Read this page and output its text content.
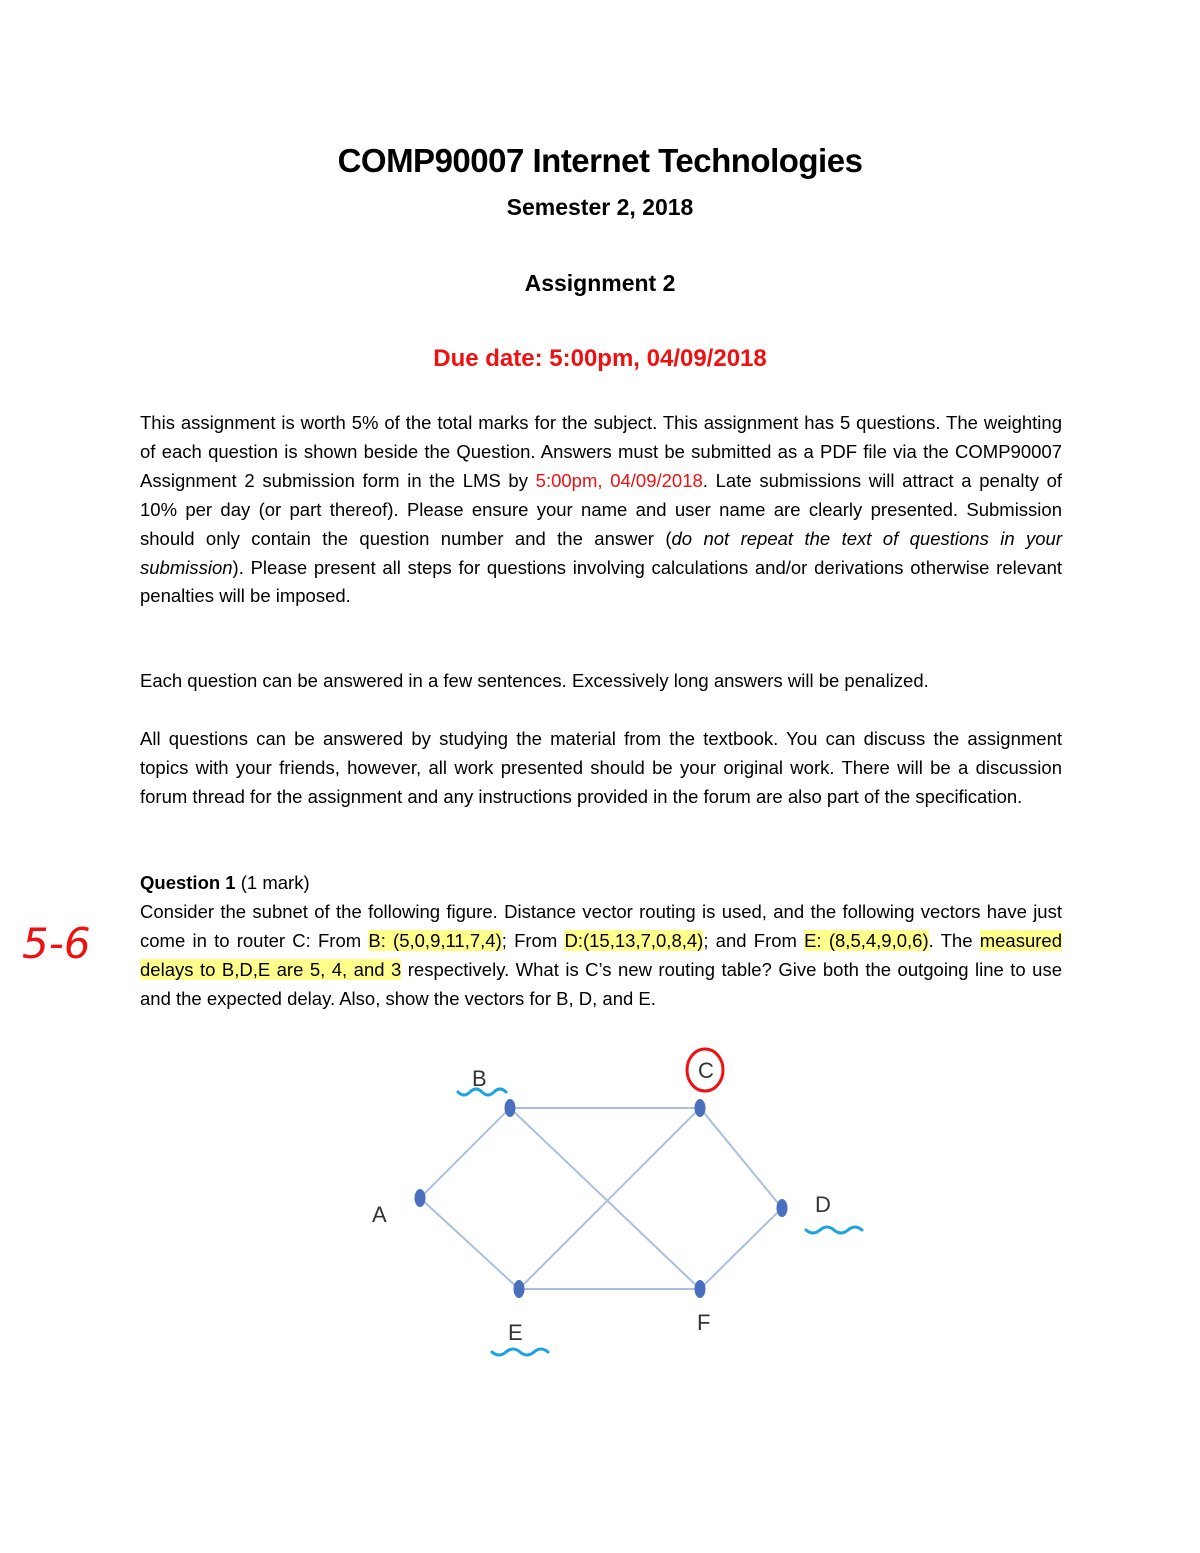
COMP90007 Internet Technologies
Semester 2, 2018
Assignment 2
Due date: 5:00pm, 04/09/2018
This assignment is worth 5% of the total marks for the subject. This assignment has 5 questions. The weighting of each question is shown beside the Question. Answers must be submitted as a PDF file via the COMP90007 Assignment 2 submission form in the LMS by 5:00pm, 04/09/2018. Late submissions will attract a penalty of 10% per day (or part thereof). Please ensure your name and user name are clearly presented. Submission should only contain the question number and the answer (do not repeat the text of questions in your submission). Please present all steps for questions involving calculations and/or derivations otherwise relevant penalties will be imposed.
Each question can be answered in a few sentences. Excessively long answers will be penalized.
All questions can be answered by studying the material from the textbook. You can discuss the assignment topics with your friends, however, all work presented should be your original work. There will be a discussion forum thread for the assignment and any instructions provided in the forum are also part of the specification.
Question 1 (1 mark)
Consider the subnet of the following figure. Distance vector routing is used, and the following vectors have just come in to router C: From B: (5,0,9,11,7,4); From D:(15,13,7,0,8,4); and From E: (8,5,4,9,0,6). The measured delays to B,D,E are 5, 4, and 3 respectively. What is C’s new routing table? Give both the outgoing line to use and the expected delay. Also, show the vectors for B, D, and E.
A
B	C
D
E	F
5-6
